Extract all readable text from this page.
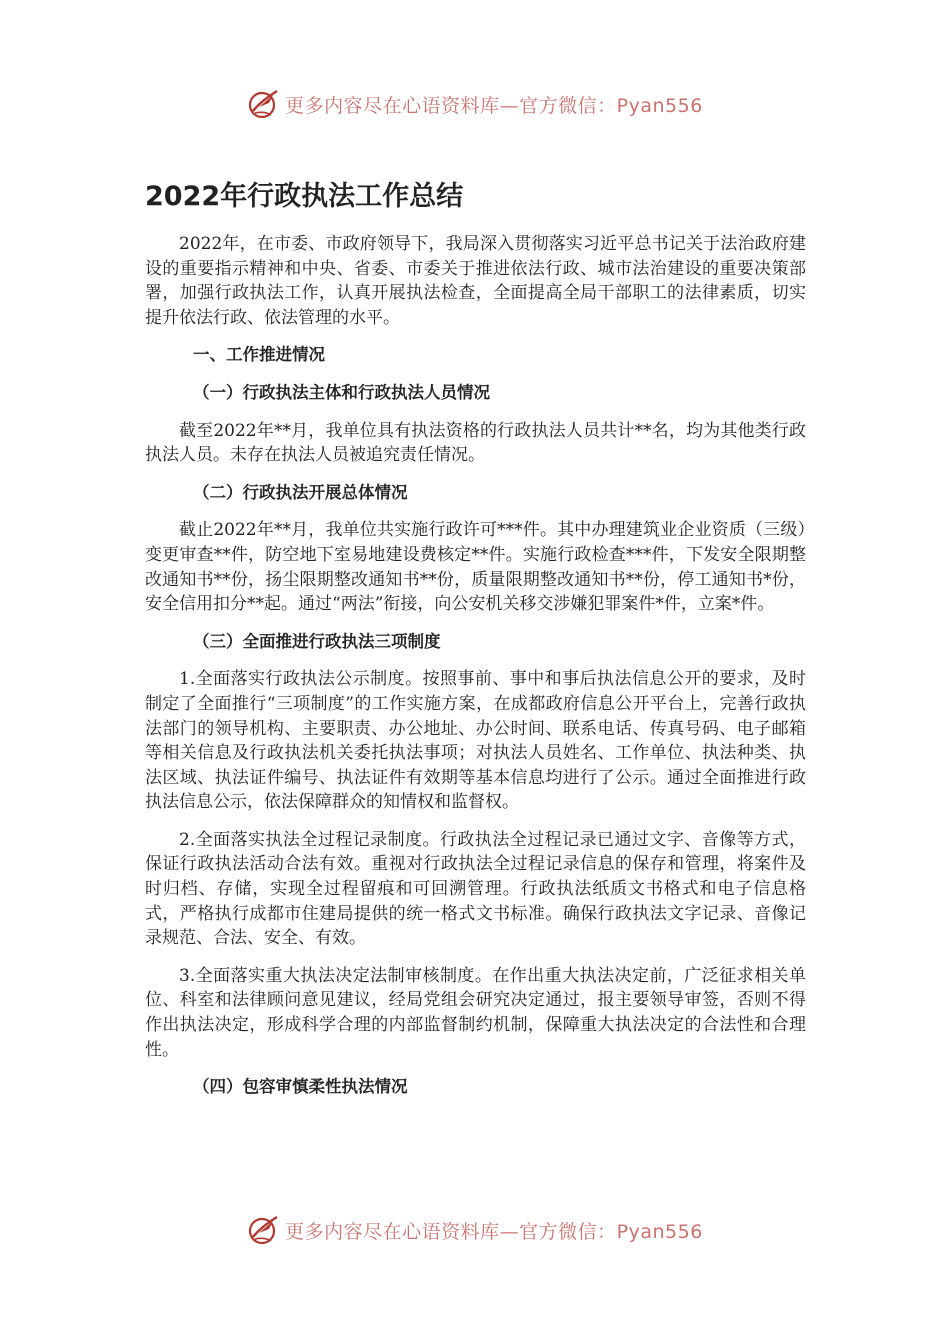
更多内容尽在心语资料库—官方微信：Pyan556
2022年行政执法工作总结

2022年，在市委、市政府领导下，我局深入贯彻落实习近平总书记关于法治政府建设的重要指示精神和中央、省委、市委关于推进依法行政、城市法治建设的重要决策部署，加强行政执法工作，认真开展执法检查，全面提高全局干部职工的法律素质，切实提升依法行政、依法管理的水平。

一、工作推进情况

（一）行政执法主体和行政执法人员情况

截至2022年**月，我单位具有执法资格的行政执法人员共计**名，均为其他类行政执法人员。未存在执法人员被追究责任情况。

（二）行政执法开展总体情况

截止2022年**月，我单位共实施行政许可***件。其中办理建筑业企业资质（三级）变更审查**件，防空地下室易地建设费核定**件。实施行政检查***件，下发安全限期整改通知书**份，扬尘限期整改通知书**份，质量限期整改通知书**份，停工通知书*份，安全信用扣分**起。通过“两法”衔接，向公安机关移交涉嫌犯罪案件*件，立案*件。

（三）全面推进行政执法三项制度

1.全面落实行政执法公示制度。按照事前、事中和事后执法信息公开的要求，及时制定了全面推行“三项制度”的工作实施方案，在成都政府信息公开平台上，完善行政执法部门的领导机构、主要职责、办公地址、办公时间、联系电话、传真号码、电子邮箱等相关信息及行政执法机关委托执法事项；对执法人员姓名、工作单位、执法种类、执法区域、执法证件编号、执法证件有效期等基本信息均进行了公示。通过全面推进行政执法信息公示，依法保障群众的知情权和监督权。

2.全面落实执法全过程记录制度。行政执法全过程记录已通过文字、音像等方式，保证行政执法活动合法有效。重视对行政执法全过程记录信息的保存和管理，将案件及时归档、存储，实现全过程留痕和可回溯管理。行政执法纸质文书格式和电子信息格式，严格执行成都市住建局提供的统一格式文书标准。确保行政执法文字记录、音像记录规范、合法、安全、有效。

3.全面落实重大执法决定法制审核制度。在作出重大执法决定前，广泛征求相关单位、科室和法律顾问意见建议，经局党组会研究决定通过，报主要领导审签，否则不得作出执法决定，形成科学合理的内部监督制约机制，保障重大执法决定的合法性和合理性。

（四）包容审慎柔性执法情况

更多内容尽在心语资料库—官方微信：Pyan556
